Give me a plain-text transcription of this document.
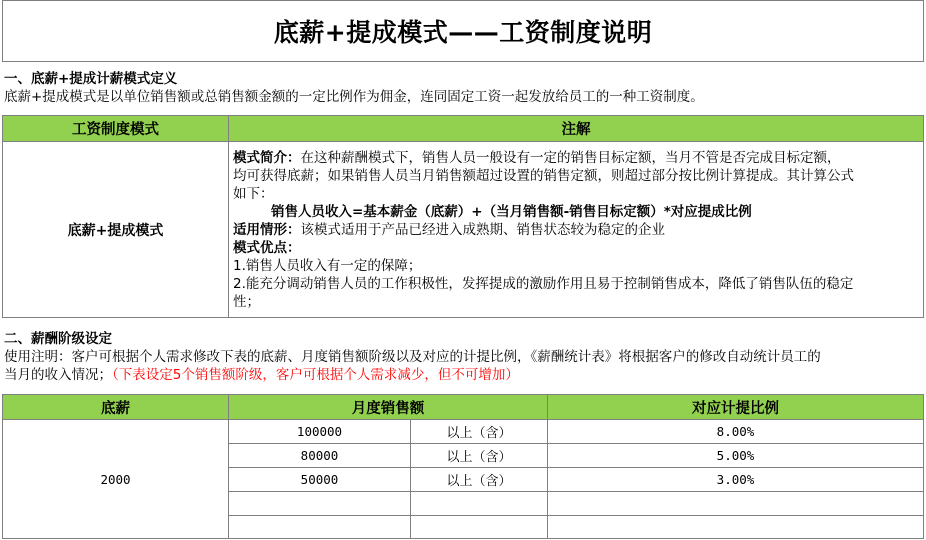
底薪+提成模式——工资制度说明
一、底薪+提成计薪模式定义
底薪+提成模式是以单位销售额或总销售额金额的一定比例作为佣金，连同固定工资一起发放给员工的一种工资制度。
工资制度模式	注解
底薪+提成模式
模式简介：在这种薪酬模式下，销售人员一般设有一定的销售目标定额，当月不管是否完成目标定额，
均可获得底薪；如果销售人员当月销售额超过设置的销售定额，则超过部分按比例计算提成。其计算公式
如下：
销售人员收入=基本薪金（底薪）+（当月销售额-销售目标定额）*对应提成比例
适用情形：该模式适用于产品已经进入成熟期、销售状态较为稳定的企业
模式优点：
1.销售人员收入有一定的保障；
2.能充分调动销售人员的工作积极性，发挥提成的激励作用且易于控制销售成本，降低了销售队伍的稳定
性；
二、薪酬阶级设定
使用注明：客户可根据个人需求修改下表的底薪、月度销售额阶级以及对应的计提比例，《薪酬统计表》将根据客户的修改自动统计员工的
当月的收入情况；（下表设定5个销售额阶级，客户可根据个人需求减少，但不可增加）
底薪	月度销售额	对应计提比例
2000
100000	以上（含）	8.00%
80000	以上（含）	5.00%
50000	以上（含）	3.00%
